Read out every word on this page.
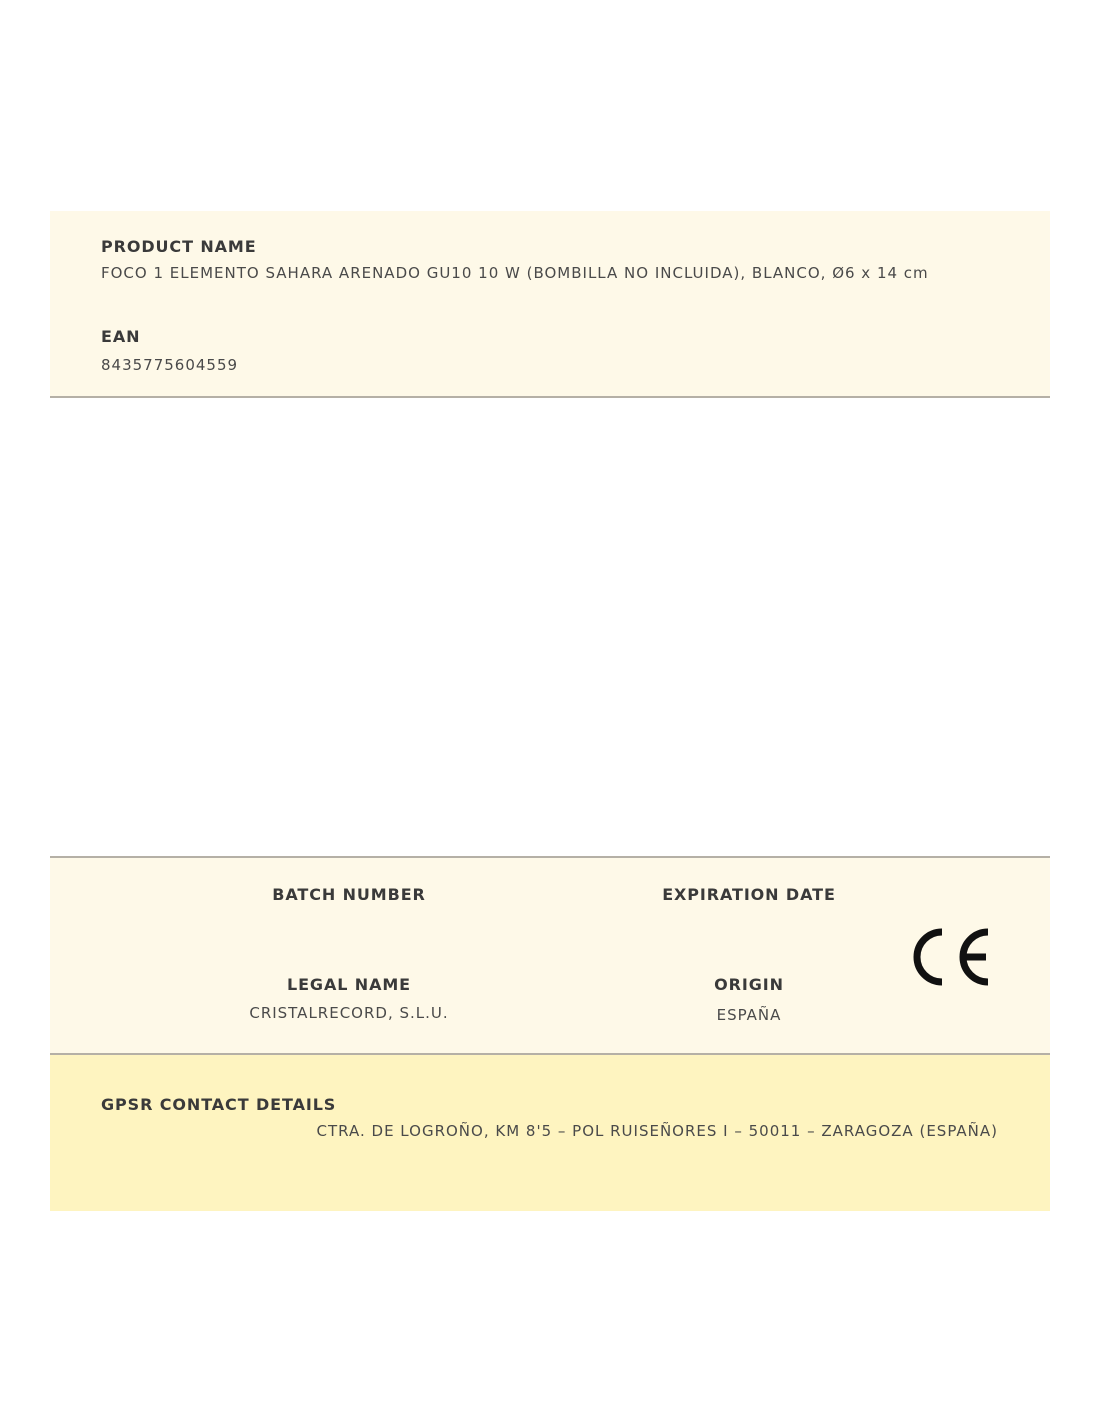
PRODUCT NAME
FOCO 1 ELEMENTO SAHARA ARENADO GU10 10 W (BOMBILLA NO INCLUIDA), BLANCO, Ø6 x 14 cm
EAN
8435775604559
BATCH NUMBER	EXPIRATION DATE
LEGAL NAME
CRISTALRECORD, S.L.U.
ORIGIN
ESPAÑA
GPSR CONTACT DETAILS
CTRA. DE LOGROÑO, KM 8'5 – POL RUISEÑORES I – 50011 – ZARAGOZA (ESPAÑA)
